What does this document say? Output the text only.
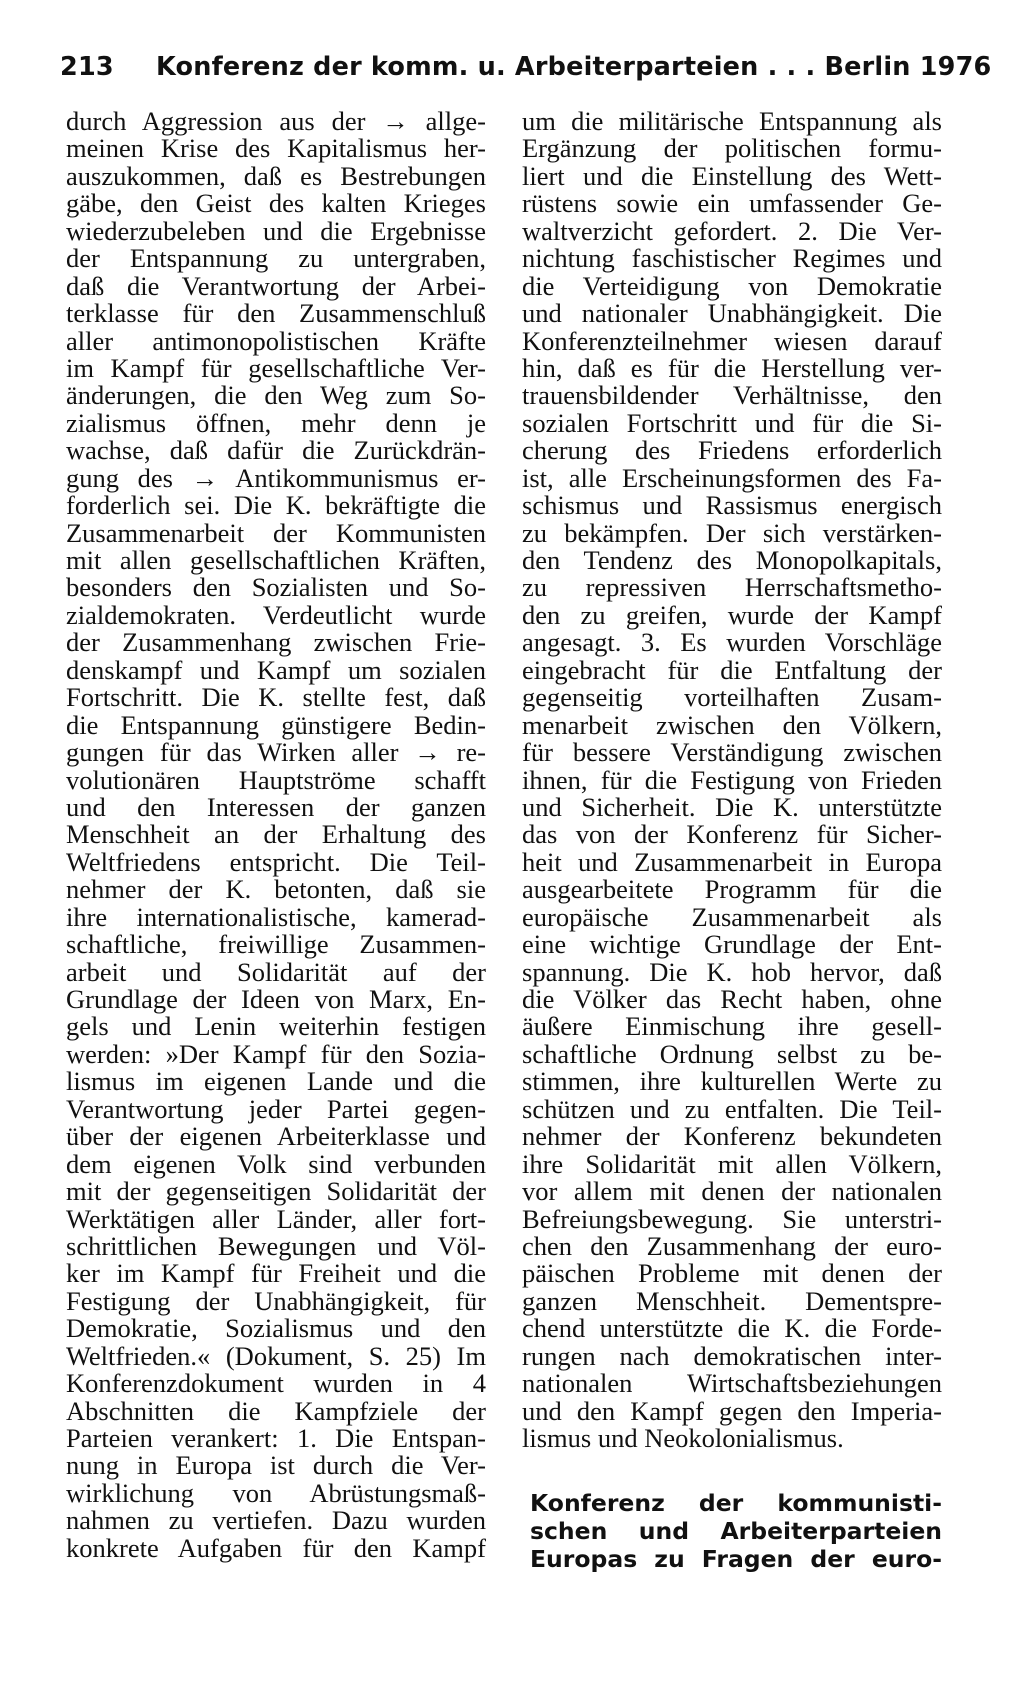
213 Konferenz der komm. u. Arbeiterparteien . . . Berlin 1976
durch Aggression aus der → allge-
meinen Krise des Kapitalismus her-
auszukommen, daß es Bestrebungen
gäbe, den Geist des kalten Krieges
wiederzubeleben und die Ergebnisse
der Entspannung zu untergraben,
daß die Verantwortung der Arbei-
terklasse für den Zusammenschluß
aller antimonopolistischen Kräfte
im Kampf für gesellschaftliche Ver-
änderungen, die den Weg zum So-
zialismus öffnen, mehr denn je
wachse, daß dafür die Zurückdrän-
gung des → Antikommunismus er-
forderlich sei. Die K. bekräftigte die
Zusammenarbeit der Kommunisten
mit allen gesellschaftlichen Kräften,
besonders den Sozialisten und So-
zialdemokraten. Verdeutlicht wurde
der Zusammenhang zwischen Frie-
denskampf und Kampf um sozialen
Fortschritt. Die K. stellte fest, daß
die Entspannung günstigere Bedin-
gungen für das Wirken aller → re-
volutionären Hauptströme schafft
und den Interessen der ganzen
Menschheit an der Erhaltung des
Weltfriedens entspricht. Die Teil-
nehmer der K. betonten, daß sie
ihre internationalistische, kamerad-
schaftliche, freiwillige Zusammen-
arbeit und Solidarität auf der
Grundlage der Ideen von Marx, En-
gels und Lenin weiterhin festigen
werden: »Der Kampf für den Sozia-
lismus im eigenen Lande und die
Verantwortung jeder Partei gegen-
über der eigenen Arbeiterklasse und
dem eigenen Volk sind verbunden
mit der gegenseitigen Solidarität der
Werktätigen aller Länder, aller fort-
schrittlichen Bewegungen und Völ-
ker im Kampf für Freiheit und die
Festigung der Unabhängigkeit, für
Demokratie, Sozialismus und den
Weltfrieden.« (Dokument, S. 25) Im
Konferenzdokument wurden in 4
Abschnitten die Kampfziele der
Parteien verankert: 1. Die Entspan-
nung in Europa ist durch die Ver-
wirklichung von Abrüstungsmaß-
nahmen zu vertiefen. Dazu wurden
konkrete Aufgaben für den Kampf
um die militärische Entspannung als
Ergänzung der politischen formu-
liert und die Einstellung des Wett-
rüstens sowie ein umfassender Ge-
waltverzicht gefordert. 2. Die Ver-
nichtung faschistischer Regimes und
die Verteidigung von Demokratie
und nationaler Unabhängigkeit. Die
Konferenzteilnehmer wiesen darauf
hin, daß es für die Herstellung ver-
trauensbildender Verhältnisse, den
sozialen Fortschritt und für die Si-
cherung des Friedens erforderlich
ist, alle Erscheinungsformen des Fa-
schismus und Rassismus energisch
zu bekämpfen. Der sich verstärken-
den Tendenz des Monopolkapitals,
zu repressiven Herrschaftsmetho-
den zu greifen, wurde der Kampf
angesagt. 3. Es wurden Vorschläge
eingebracht für die Entfaltung der
gegenseitig vorteilhaften Zusam-
menarbeit zwischen den Völkern,
für bessere Verständigung zwischen
ihnen, für die Festigung von Frieden
und Sicherheit. Die K. unterstützte
das von der Konferenz für Sicher-
heit und Zusammenarbeit in Europa
ausgearbeitete Programm für die
europäische Zusammenarbeit als
eine wichtige Grundlage der Ent-
spannung. Die K. hob hervor, daß
die Völker das Recht haben, ohne
äußere Einmischung ihre gesell-
schaftliche Ordnung selbst zu be-
stimmen, ihre kulturellen Werte zu
schützen und zu entfalten. Die Teil-
nehmer der Konferenz bekundeten
ihre Solidarität mit allen Völkern,
vor allem mit denen der nationalen
Befreiungsbewegung. Sie unterstri-
chen den Zusammenhang der euro-
päischen Probleme mit denen der
ganzen Menschheit. Dementspre-
chend unterstützte die K. die Forde-
rungen nach demokratischen inter-
nationalen Wirtschaftsbeziehungen
und den Kampf gegen den Imperia-
lismus und Neokolonialismus.
Konferenz der kommunisti-
schen und Arbeiterparteien
Europas zu Fragen der euro-
